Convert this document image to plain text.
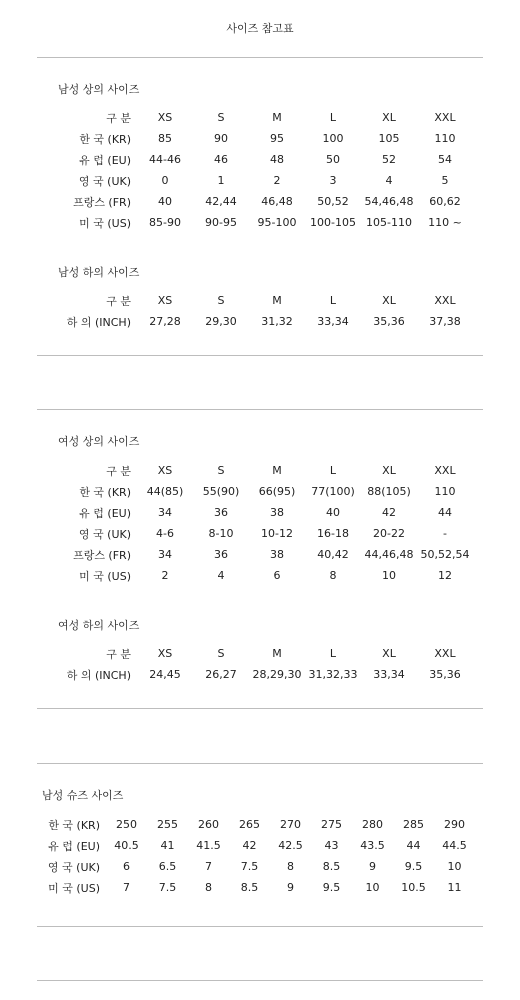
사이즈 참고표
남성 상의 사이즈
구 분	XS	S	M	L	XL	XXL
한 국 (KR)	85	90	95	100	105	110
유 럽 (EU)	44-46	46	48	50	52	54
영 국 (UK)	0	1	2	3	4	5
프랑스 (FR)	40	42,44	46,48	50,52	54,46,48	60,62
미 국 (US)	85-90	90-95	95-100	100-105	105-110	110 ~
남성 하의 사이즈
구 분	XS	S	M	L	XL	XXL
하 의 (INCH)	27,28	29,30	31,32	33,34	35,36	37,38
여성 상의 사이즈
구 분	XS	S	M	L	XL	XXL
한 국 (KR)	44(85)	55(90)	66(95)	77(100)	88(105)	110
유 럽 (EU)	34	36	38	40	42	44
영 국 (UK)	4-6	8-10	10-12	16-18	20-22	-
프랑스 (FR)	34	36	38	40,42	44,46,48	50,52,54
미 국 (US)	2	4	6	8	10	12
여성 하의 사이즈
구 분	XS	S	M	L	XL	XXL
하 의 (INCH)	24,45	26,27	28,29,30	31,32,33	33,34	35,36
남성 슈즈 사이즈
한 국 (KR)	250	255	260	265	270	275	280	285	290
유 럽 (EU)	40.5	41	41.5	42	42.5	43	43.5	44	44.5
영 국 (UK)	6	6.5	7	7.5	8	8.5	9	9.5	10
미 국 (US)	7	7.5	8	8.5	9	9.5	10	10.5	11
